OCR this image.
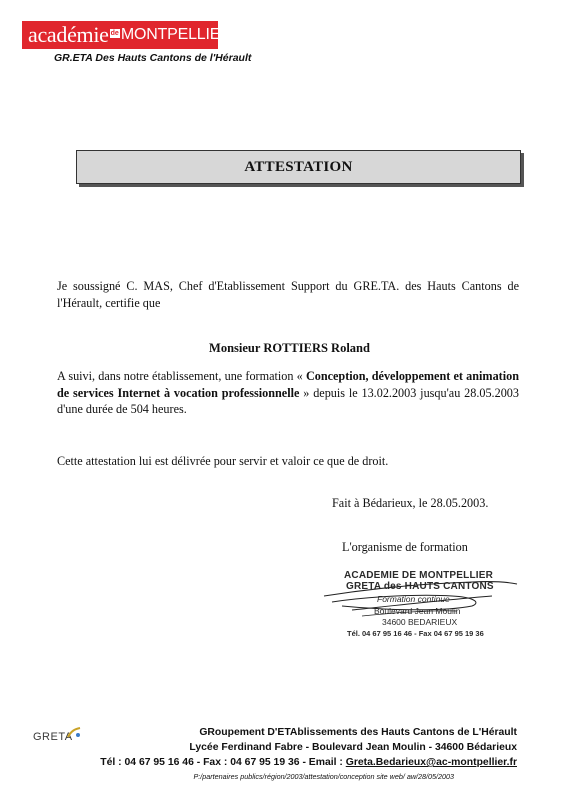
académie de MONTPELLIER
GR.ETA Des Hauts Cantons de l'Hérault
ATTESTATION
Je soussigné C. MAS, Chef d'Etablissement Support du GRE.TA. des Hauts Cantons de l'Hérault, certifie que
Monsieur ROTTIERS Roland
A suivi, dans notre établissement, une formation « Conception, développement et animation de services Internet à vocation professionnelle » depuis le 13.02.2003 jusqu'au 28.05.2003 d'une durée de 504 heures.
Cette attestation lui est délivrée pour servir et valoir ce que de droit.
Fait à Bédarieux, le 28.05.2003.
L'organisme de formation
ACADEMIE DE MONTPELLIER
GRETA des HAUTS CANTONS
Formation continue
Boulevard Jean Moulin
34600 BEDARIEUX
Tél. 04 67 95 16 46 - Fax 04 67 95 19 36
GRETA	GRoupement D'ETAblissements des Hauts Cantons de L'Hérault
Lycée Ferdinand Fabre - Boulevard Jean Moulin - 34600 Bédarieux
Tél : 04 67 95 16 46 - Fax : 04 67 95 19 36 - Email : Greta.Bedarieux@ac-montpellier.fr
P:/partenaires publics/région/2003/attestation/conception site web/ aw/28/05/2003
